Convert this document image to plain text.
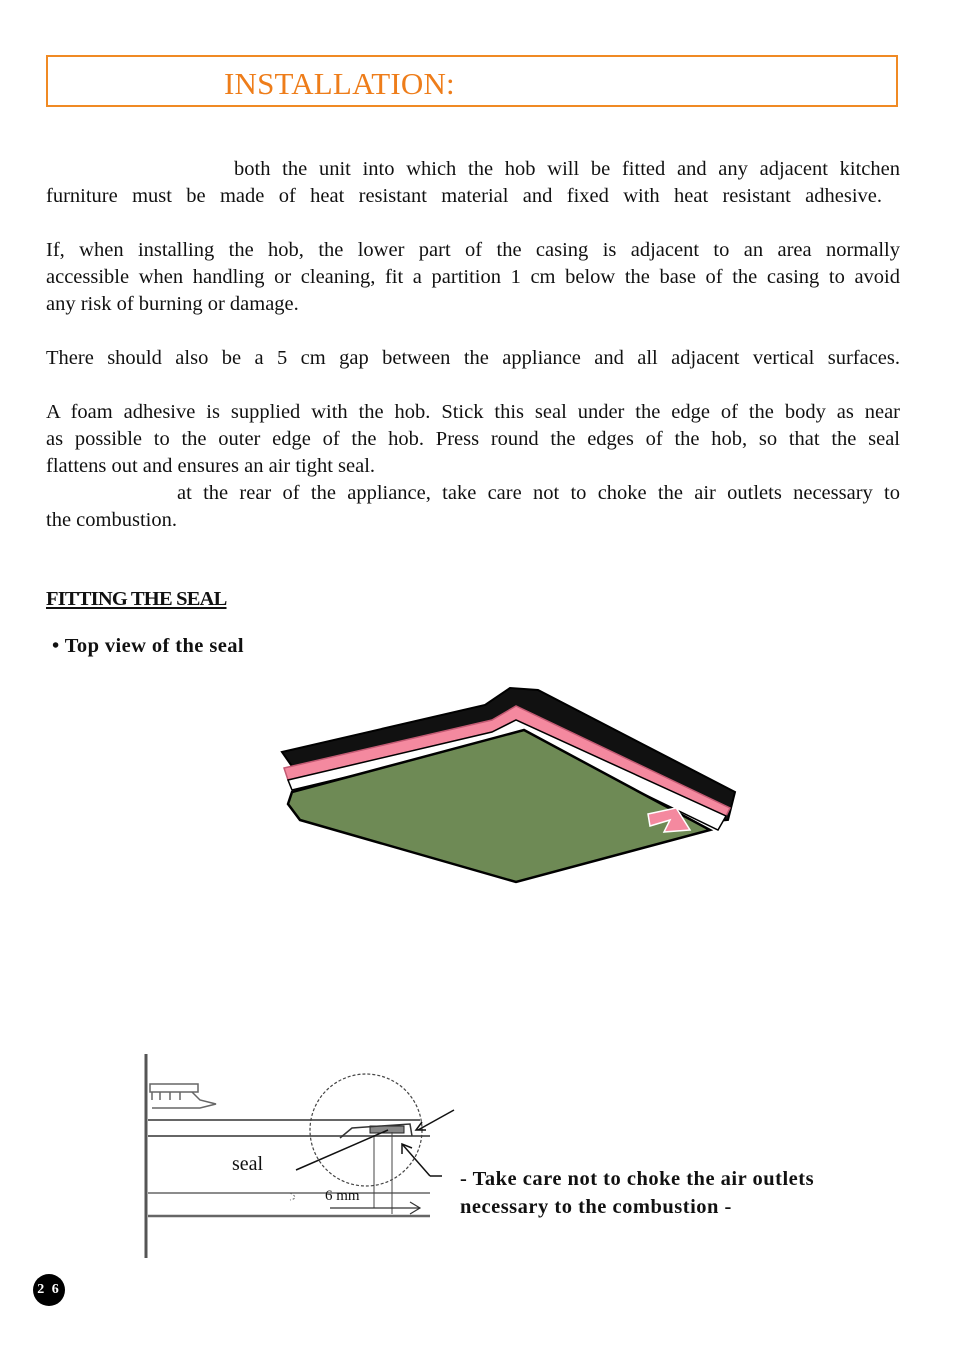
INSTALLATION:
both the unit into which the hob will be fitted and any adjacent kitchen
furniture must be made of heat resistant material and fixed with heat resistant adhesive.
If, when installing the hob, the lower part of the casing is adjacent to an area normally
accessible when handling or cleaning, fit a partition 1 cm below the base of the casing to avoid
any risk of burning or damage.
There should also be a 5 cm gap between the appliance and all adjacent vertical surfaces.
A foam adhesive is supplied with the hob. Stick this seal under the edge of the body as near
as possible to the outer edge of the hob. Press round the edges of the hob, so that the seal
flattens out and ensures an air tight seal.
at the rear of the appliance, take care not to choke the air outlets necessary to
the combustion.
FITTING THE SEAL
• Top view of the seal
seal
6 mm
- Take care not to choke the air outlets
necessary to the combustion -
2 6
